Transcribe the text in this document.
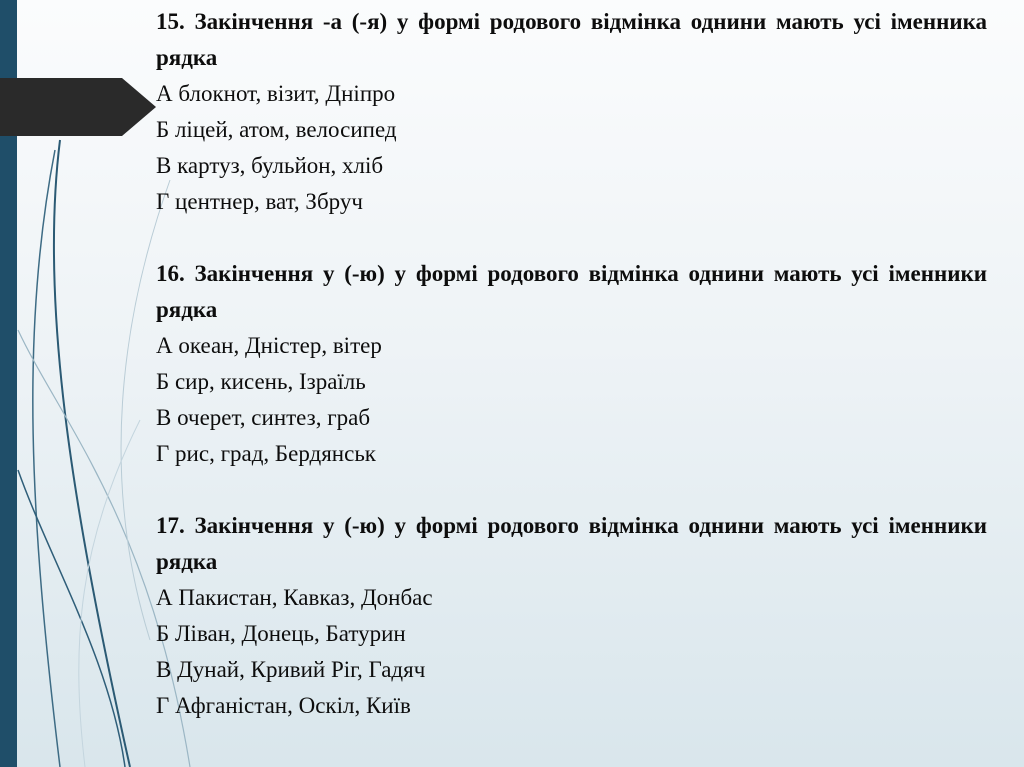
15. Закінчення -а (-я) у формі родового відмінка однини мають усі іменника рядка

А блокнот, візит, Дніпро

Б ліцей, атом, велосипед

В картуз, бульйон, хліб

Г центнер, ват, Збруч

16. Закінчення у (-ю) у формі родового відмінка однини мають усі іменники рядка

А океан, Дністер, вітер

Б сир, кисень, Ізраїль

В очерет, синтез, граб

Г рис, град, Бердянськ

17. Закінчення у (-ю) у формі родового відмінка однини мають усі іменники рядка

А Пакистан, Кавказ, Донбас

Б Ліван, Донець, Батурин

В Дунай, Кривий Ріг, Гадяч

Г Афганістан, Оскіл, Київ
